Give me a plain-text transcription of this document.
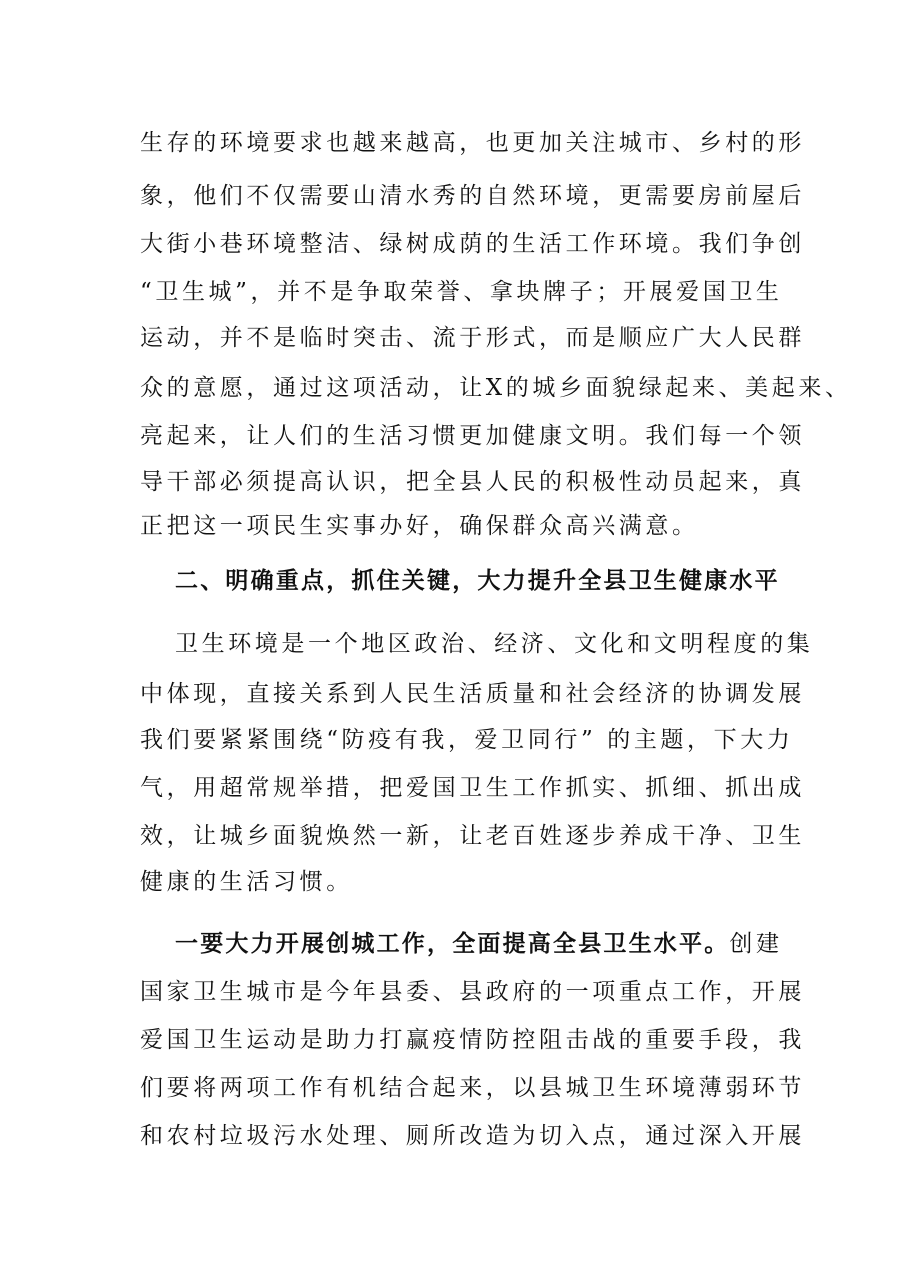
生存的环境要求也越来越高，也更加关注城市、乡村的形
象，他们不仅需要山清水秀的自然环境，更需要房前屋后
大街小巷环境整洁、绿树成荫的生活工作环境。我们争创
“卫生城”，并不是争取荣誉、拿块牌子；开展爱国卫生
运动，并不是临时突击、流于形式，而是顺应广大人民群
众的意愿，通过这项活动，让X的城乡面貌绿起来、美起来、
亮起来，让人们的生活习惯更加健康文明。我们每一个领
导干部必须提高认识，把全县人民的积极性动员起来，真
正把这一项民生实事办好，确保群众高兴满意。
二、明确重点，抓住关键，大力提升全县卫生健康水平
卫生环境是一个地区政治、经济、文化和文明程度的集
中体现，直接关系到人民生活质量和社会经济的协调发展
我们要紧紧围绕“防疫有我，爱卫同行” 的主题，下大力
气，用超常规举措，把爱国卫生工作抓实、抓细、抓出成
效，让城乡面貌焕然一新，让老百姓逐步养成干净、卫生
健康的生活习惯。
一要大力开展创城工作，全面提高全县卫生水平。创建
国家卫生城市是今年县委、县政府的一项重点工作，开展
爱国卫生运动是助力打赢疫情防控阻击战的重要手段，我
们要将两项工作有机结合起来，以县城卫生环境薄弱环节
和农村垃圾污水处理、厕所改造为切入点，通过深入开展
